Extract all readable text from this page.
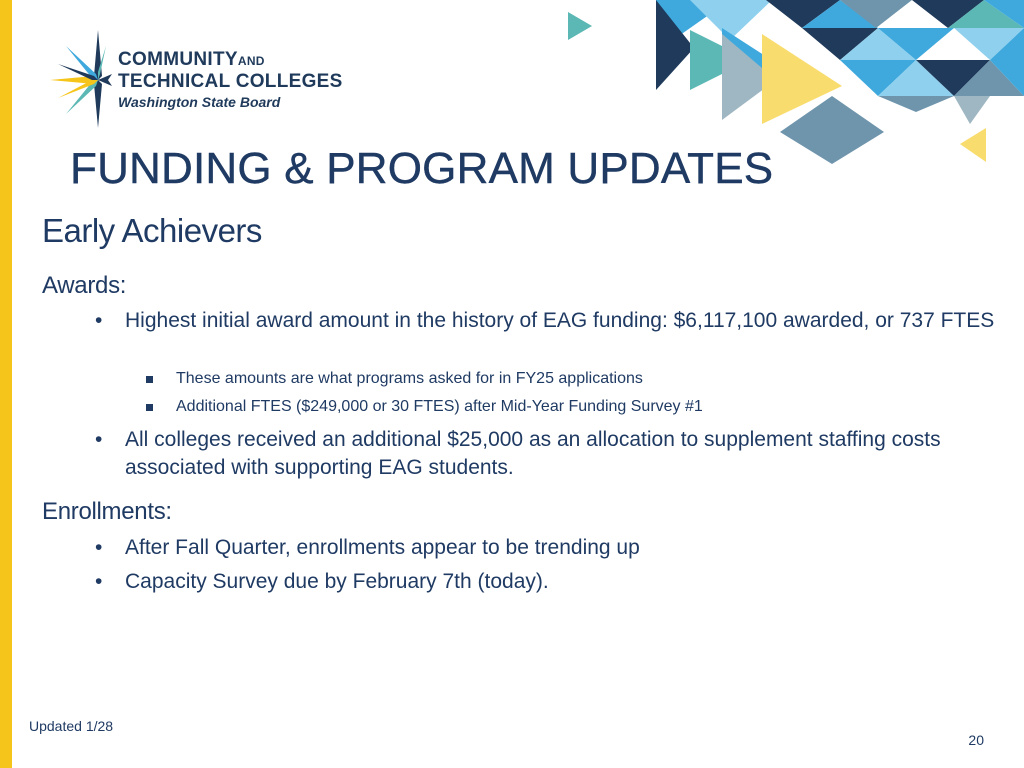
COMMUNITYAND
TECHNICAL COLLEGES
Washington State Board
FUNDING & PROGRAM UPDATES
Early Achievers
Awards:
• Highest initial award amount in the history of EAG funding: $6,117,100 awarded, or 737 FTES
These amounts are what programs asked for in FY25 applications
Additional FTES ($249,000 or 30 FTES) after Mid-Year Funding Survey #1
• All colleges received an additional $25,000 as an allocation to supplement staffing costs associated with supporting EAG students.
Enrollments:
• After Fall Quarter, enrollments appear to be trending up
• Capacity Survey due by February 7th (today).
Updated 1/28
20
